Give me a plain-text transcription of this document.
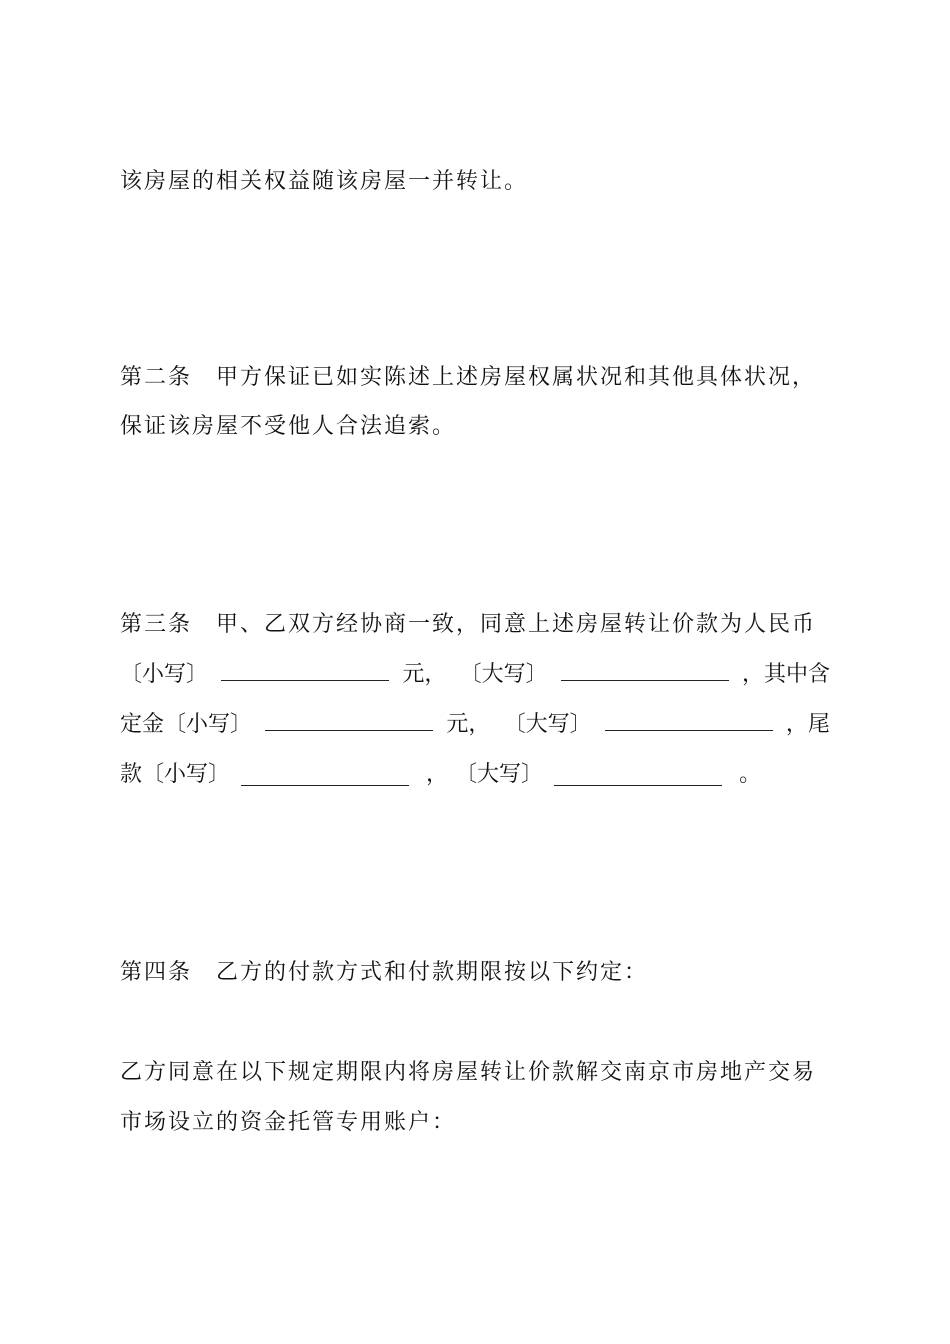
该房屋的相关权益随该房屋一并转让。
第二条 甲方保证已如实陈述上述房屋权属状况和其他具体状况，
保证该房屋不受他人合法追索。
第三条 甲、乙双方经协商一致，同意上述房屋转让价款为人民币
〔小写〕	元， 〔大写〕	，其中含
定金〔小写〕	元， 〔大写〕	，尾
款〔小写〕	， 〔大写〕	。
第四条 乙方的付款方式和付款期限按以下约定：
乙方同意在以下规定期限内将房屋转让价款解交南京市房地产交易
市场设立的资金托管专用账户：
